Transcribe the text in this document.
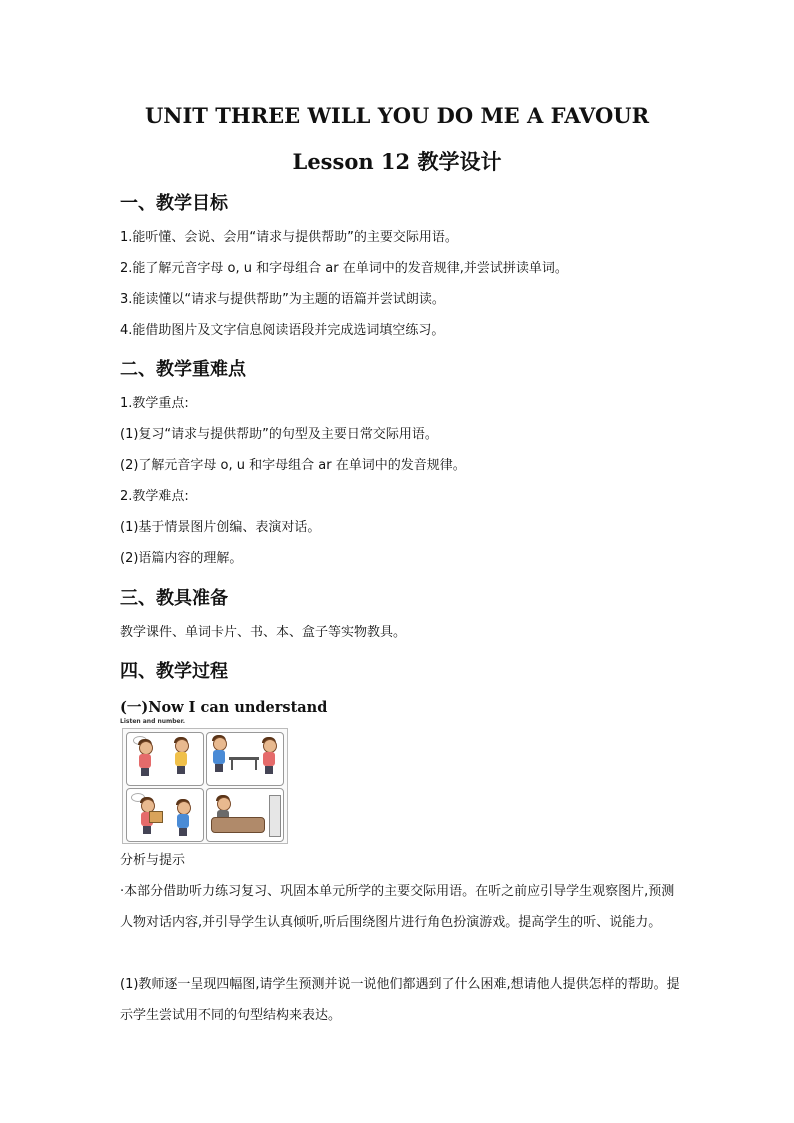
UNIT THREE WILL YOU DO ME A FAVOUR
Lesson 12 教学设计
一、教学目标

1.能听懂、会说、会用“请求与提供帮助”的主要交际用语。

2.能了解元音字母 o, u 和字母组合 ar 在单词中的发音规律,并尝试拼读单词。

3.能读懂以“请求与提供帮助”为主题的语篇并尝试朗读。

4.能借助图片及文字信息阅读语段并完成选词填空练习。

二、教学重难点

1.教学重点:

(1)复习“请求与提供帮助”的句型及主要日常交际用语。

(2)了解元音字母 o, u 和字母组合 ar 在单词中的发音规律。

2.教学难点:

(1)基于情景图片创编、表演对话。

(2)语篇内容的理解。

三、教具准备

教学课件、单词卡片、书、本、盒子等实物教具。

四、教学过程

(一)Now I can understand

Listen and number.

分析与提示

·本部分借助听力练习复习、巩固本单元所学的主要交际用语。在听之前应引导学生观察图片,预测人物对话内容,并引导学生认真倾听,听后围绕图片进行角色扮演游戏。提高学生的听、说能力。

(1)教师逐一呈现四幅图,请学生预测并说一说他们都遇到了什么困难,想请他人提供怎样的帮助。提示学生尝试用不同的句型结构来表达。
